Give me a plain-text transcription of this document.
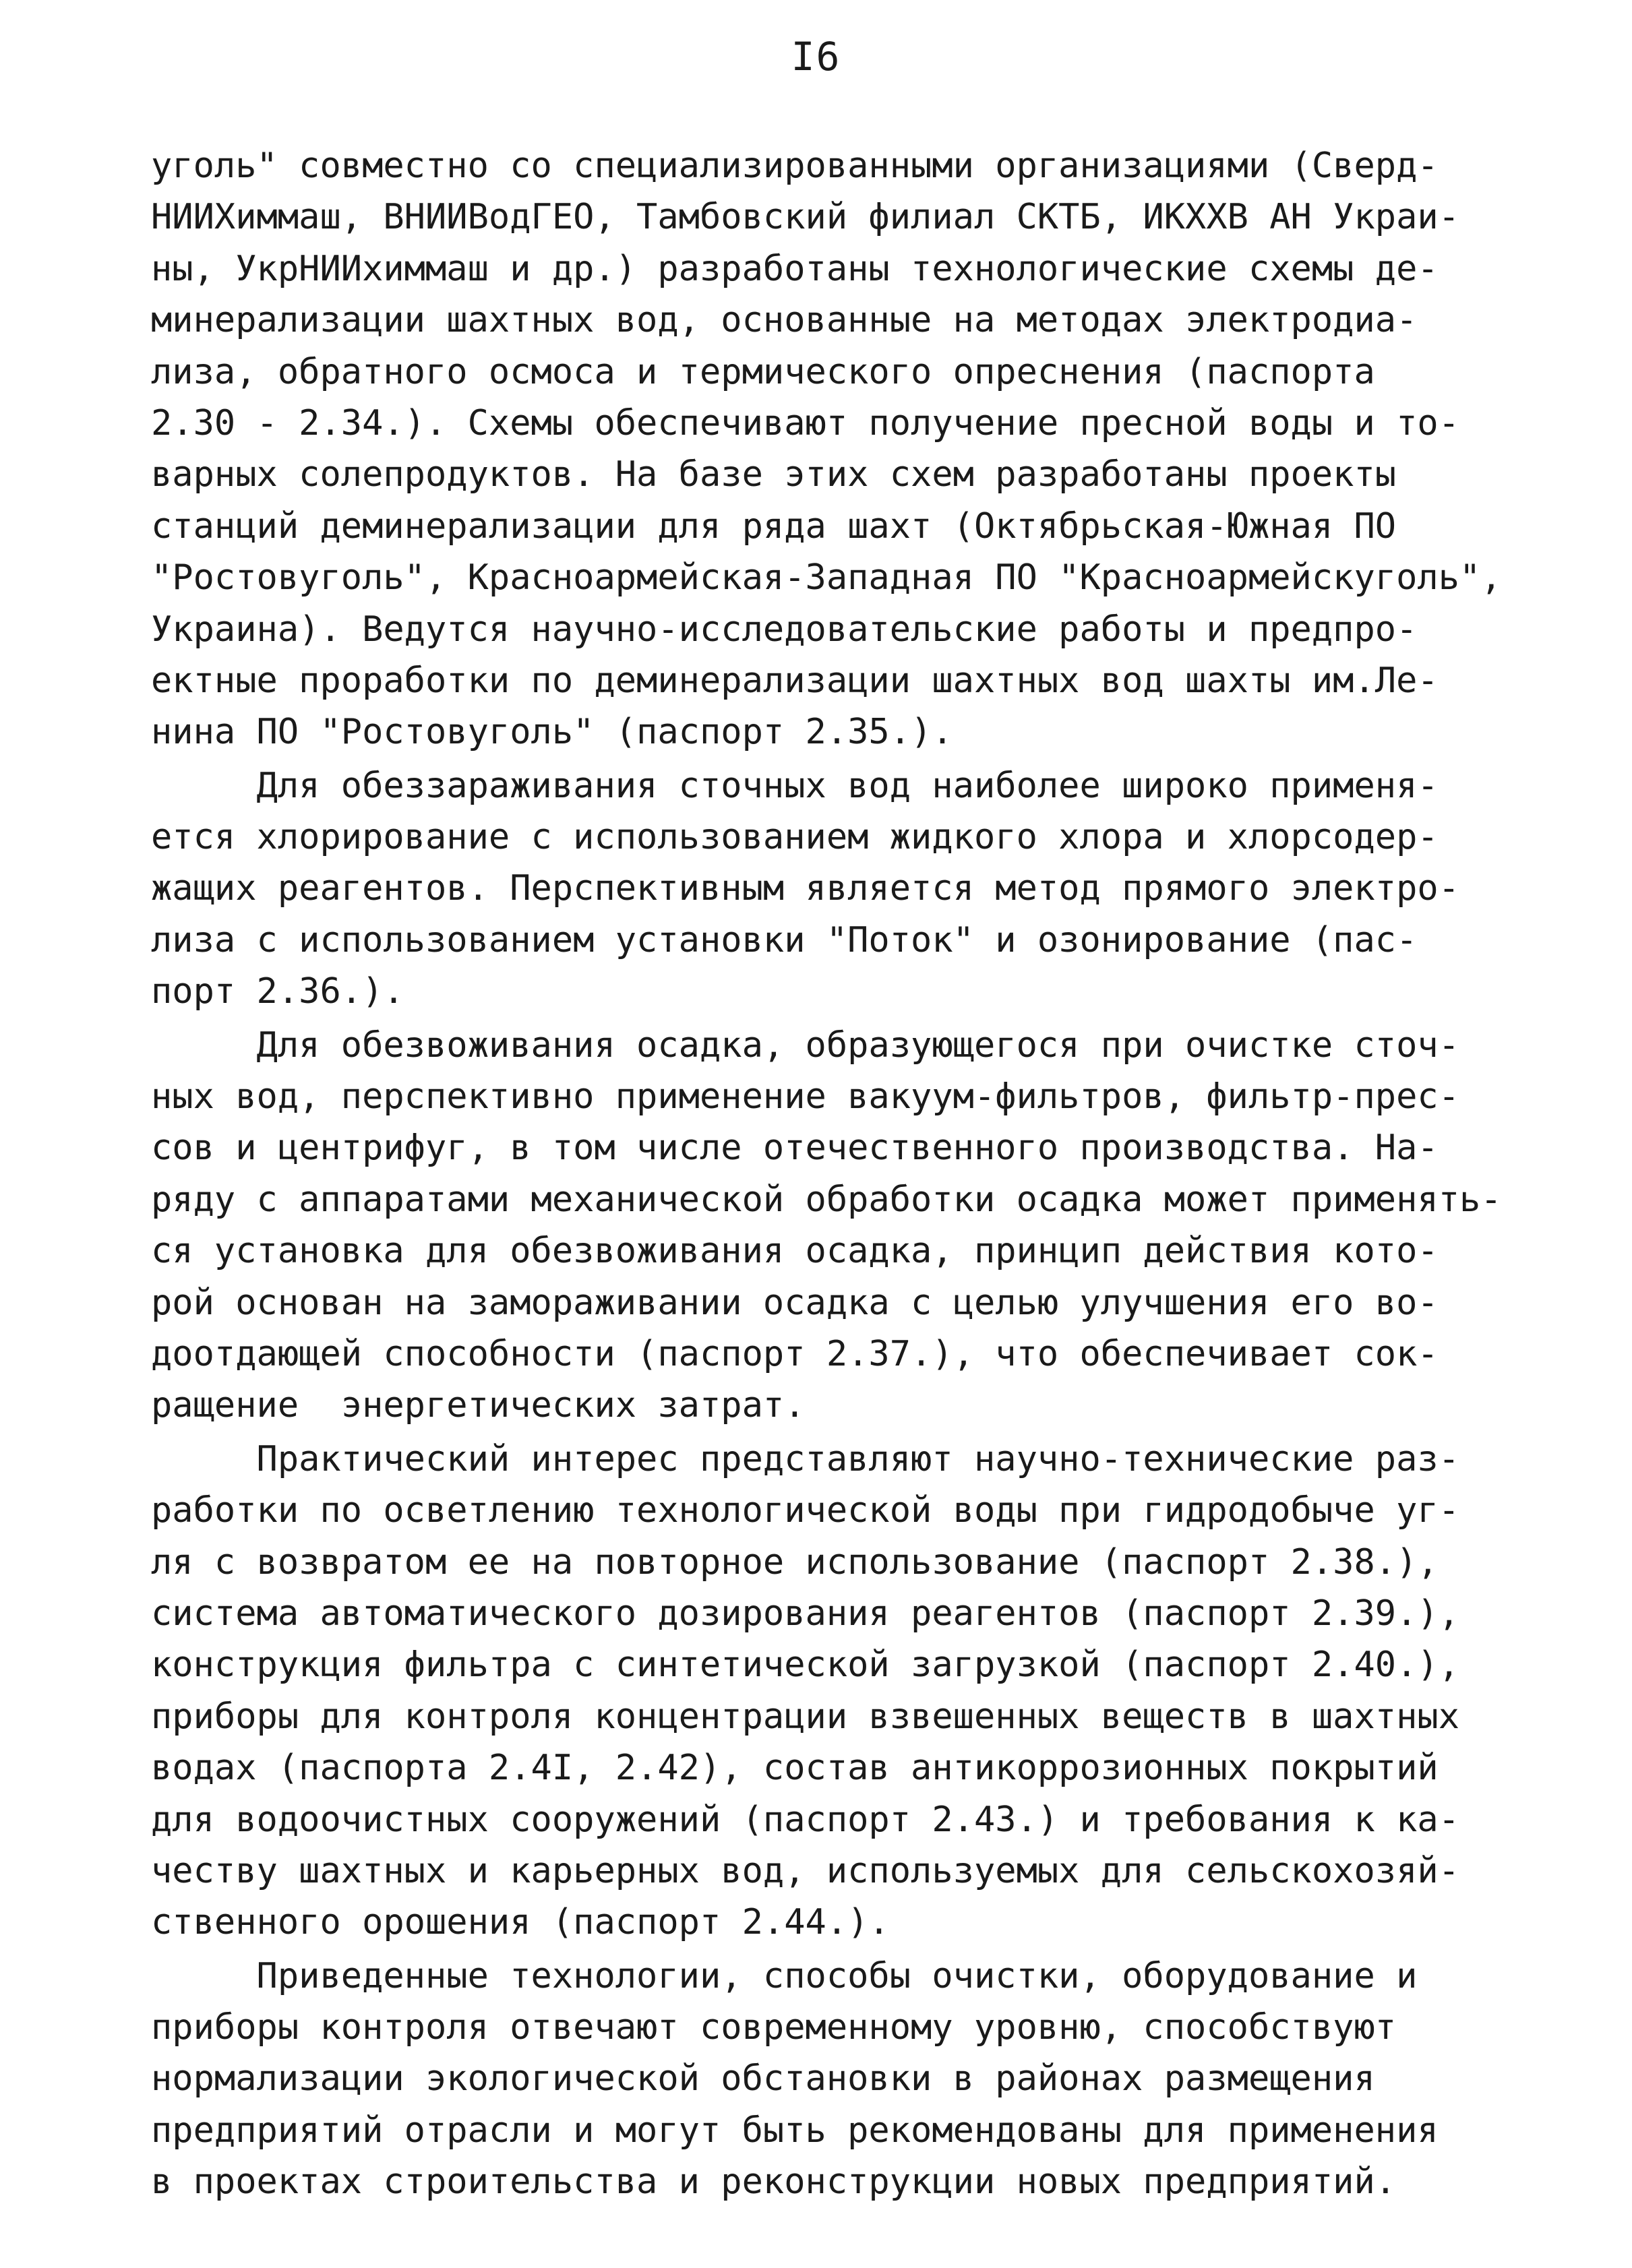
I6
уголь" совместно со специализированными организациями (Сверд-
НИИХиммаш, ВНИИВодГЕО, Тамбовский филиал СКТБ, ИКХХВ АН Украи-
ны, УкрНИИхиммаш и др.) разработаны технологические схемы де-
минерализации шахтных вод, основанные на методах электродиа-
лиза, обратного осмоса и термического опреснения (паспорта
2.30 - 2.34.). Схемы обеспечивают получение пресной воды и то-
варных солепродуктов. На базе этих схем разработаны проекты
станций деминерализации для ряда шахт (Октябрьская-Южная ПО
"Ростовуголь", Красноармейская-Западная ПО "Красноармейскуголь",
Украина). Ведутся научно-исследовательские работы и предпро-
ектные проработки по деминерализации шахтных вод шахты им.Ле-
нина ПО "Ростовуголь" (паспорт 2.35.).
Для обеззараживания сточных вод наиболее широко применя-
ется хлорирование с использованием жидкого хлора и хлорсодер-
жащих реагентов. Перспективным является метод прямого электро-
лиза с использованием установки "Поток" и озонирование (пас-
порт 2.36.).
Для обезвоживания осадка, образующегося при очистке сточ-
ных вод, перспективно применение вакуум-фильтров, фильтр-прес-
сов и центрифуг, в том числе отечественного производства. На-
ряду с аппаратами механической обработки осадка может применять-
ся установка для обезвоживания осадка, принцип действия кото-
рой основан на замораживании осадка с целью улучшения его во-
доотдающей способности (паспорт 2.37.), что обеспечивает сок-
ращение  энергетических затрат.
Практический интерес представляют научно-технические раз-
работки по осветлению технологической воды при гидродобыче уг-
ля с возвратом ее на повторное использование (паспорт 2.38.),
система автоматического дозирования реагентов (паспорт 2.39.),
конструкция фильтра с синтетической загрузкой (паспорт 2.40.),
приборы для контроля концентрации взвешенных веществ в шахтных
водах (паспорта 2.4I, 2.42), состав антикоррозионных покрытий
для водоочистных сооружений (паспорт 2.43.) и требования к ка-
честву шахтных и карьерных вод, используемых для сельскохозяй-
ственного орошения (паспорт 2.44.).
Приведенные технологии, способы очистки, оборудование и
приборы контроля отвечают современному уровню, способствуют
нормализации экологической обстановки в районах размещения
предприятий отрасли и могут быть рекомендованы для применения
в проектах строительства и реконструкции новых предприятий.
